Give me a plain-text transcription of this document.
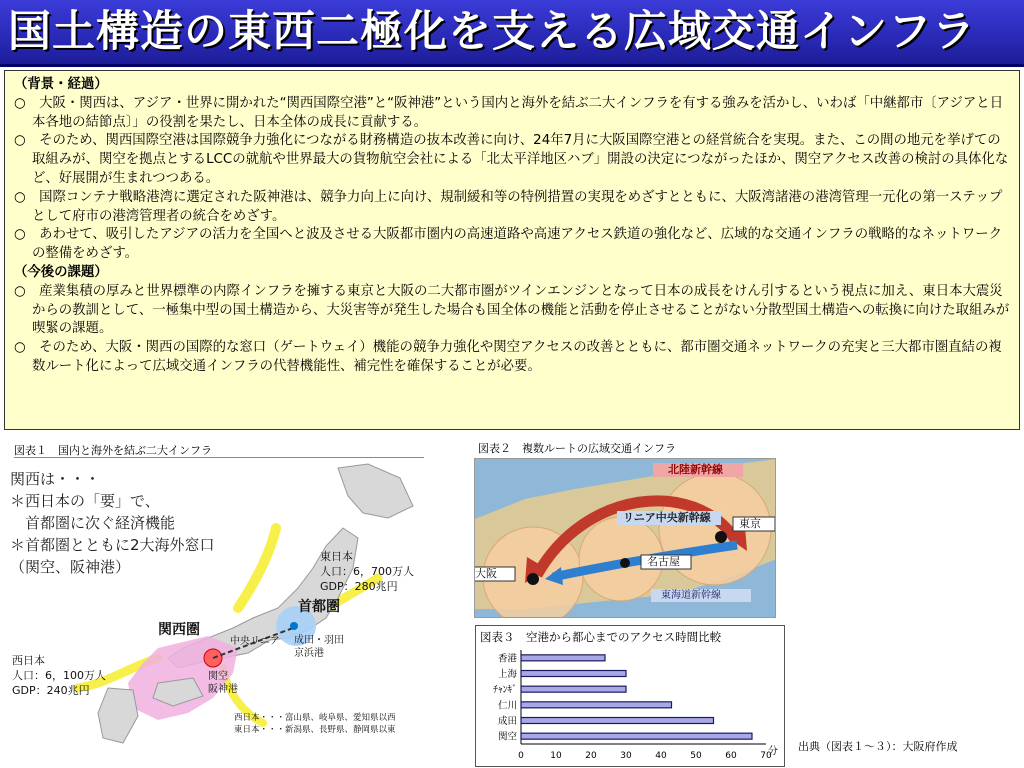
国土構造の東西二極化を支える広域交通インフラ

（背景・経過）

○　大阪・関西は、アジア・世界に開かれた“関西国際空港”と“阪神港”という国内と海外を結ぶ二大インフラを有する強みを活かし、いわば「中継都市〔アジアと日本各地の結節点〕」の役割を果たし、日本全体の成長に貢献する。

○　そのため、関西国際空港は国際競争力強化につながる財務構造の抜本改善に向け、24年7月に大阪国際空港との経営統合を実現。また、この間の地元を挙げての取組みが、関空を拠点とするLCCの就航や世界最大の貨物航空会社による「北太平洋地区ハブ」開設の決定につながったほか、関空アクセス改善の検討の具体化など、好展開が生まれつつある。

○　国際コンテナ戦略港湾に選定された阪神港は、競争力向上に向け、規制緩和等の特例措置の実現をめざすとともに、大阪湾諸港の港湾管理一元化の第一ステップとして府市の港湾管理者の統合をめざす。

○　あわせて、吸引したアジアの活力を全国へと波及させる大阪都市圏内の高速道路や高速アクセス鉄道の強化など、広域的な交通インフラの戦略的なネットワークの整備をめざす。

（今後の課題）

○　産業集積の厚みと世界標準の内際インフラを擁する東京と大阪の二大都市圏がツインエンジンとなって日本の成長をけん引するという視点に加え、東日本大震災からの教訓として、一極集中型の国土構造から、大災害等が発生した場合も国全体の機能と活動を停止させることがない分散型国土構造への転換に向けた取組みが喫緊の課題。

○　そのため、大阪・関西の国際的な窓口（ゲートウェイ）機能の競争力強化や関空アクセスの改善とともに、都市圏交通ネットワークの充実と三大都市圏直結の複数ルート化によって広域交通インフラの代替機能性、補完性を確保することが必要。

図表１　国内と海外を結ぶ二大インフラ
関西は・・・
＊西日本の「要」で、
　首都圏に次ぐ経済機能
＊首都圏とともに2大海外窓口
（関空、阪神港）
東日本
人口：6，700万人
GDP：280兆円
首都圏
関西圏
中央リニア 成田・羽田
京浜港
関空
阪神港
西日本
人口：6，100万人
GDP：240兆円
西日本・・・富山県、岐阜県、愛知県以西
東日本・・・新潟県、長野県、静岡県以東
図表２　複数ルートの広域交通インフラ
北陸新幹線
リニア中央新幹線
東海道新幹線
大阪
名古屋
東京
図表３　空港から都心までのアクセス時間比較
香港
上海
ﾁｬﾝｷﾞ
仁川
成田
関空
0	10	20	30	40	50	60	70
分 出典（図表１～３）：大阪府作成
